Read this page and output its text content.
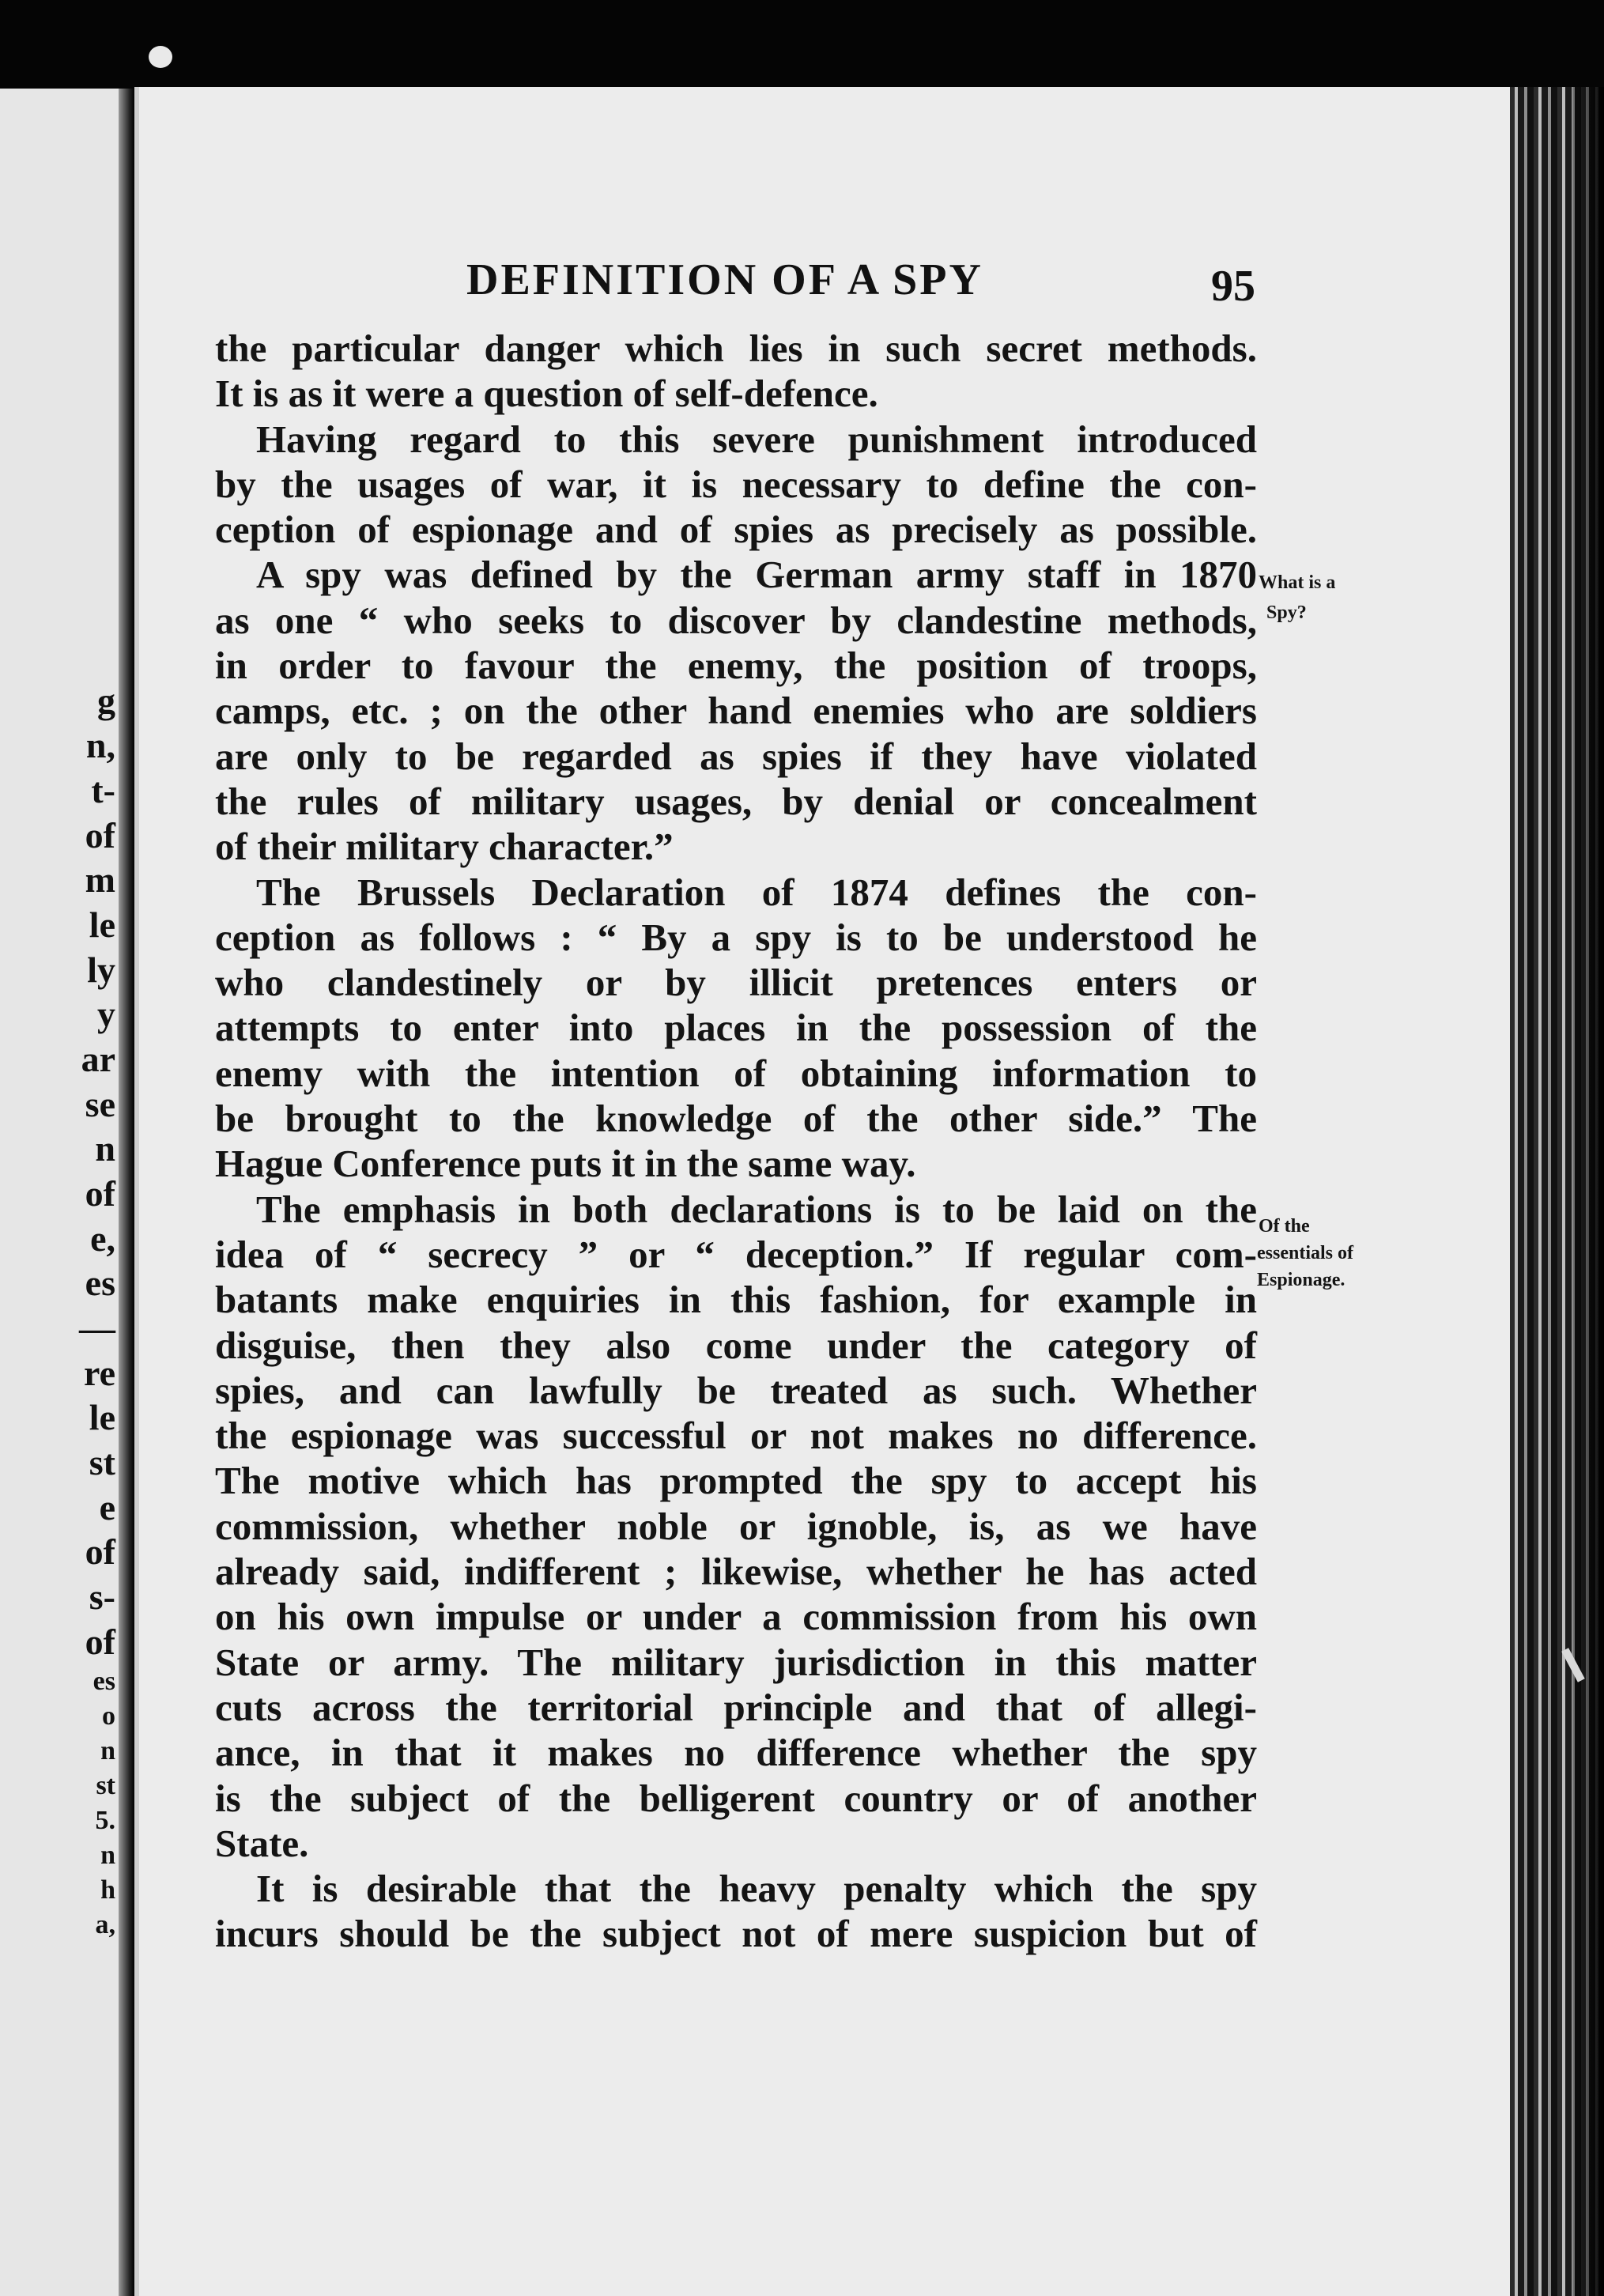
g
n,
t-
of
m
le
ly
y
ar
se
n
of
e,
es
—
re
le
st
e
of
s-
of
es
o
n
st
5.
n
h
a,
DEFINITION OF A SPY	95
What is a
Spy?
Of the
essentials of
Espionage.
the particular danger which lies in such secret methods.
It is as it were a question of self-defence.
Having regard to this severe punishment introduced
by the usages of war, it is necessary to define the con-
ception of espionage and of spies as precisely as possible.
A spy was defined by the German army staff in 1870
as one “ who seeks to discover by clandestine methods,
in order to favour the enemy, the position of troops,
camps, etc. ; on the other hand enemies who are soldiers
are only to be regarded as spies if they have violated
the rules of military usages, by denial or concealment
of their military character.”
The Brussels Declaration of 1874 defines the con-
ception as follows : “ By a spy is to be understood he
who clandestinely or by illicit pretences enters or
attempts to enter into places in the possession of the
enemy with the intention of obtaining information to
be brought to the knowledge of the other side.” The
Hague Conference puts it in the same way.
The emphasis in both declarations is to be laid on the
idea of “ secrecy ” or “ deception.” If regular com-
batants make enquiries in this fashion, for example in
disguise, then they also come under the category of
spies, and can lawfully be treated as such. Whether
the espionage was successful or not makes no difference.
The motive which has prompted the spy to accept his
commission, whether noble or ignoble, is, as we have
already said, indifferent ; likewise, whether he has acted
on his own impulse or under a commission from his own
State or army. The military jurisdiction in this matter
cuts across the territorial principle and that of allegi-
ance, in that it makes no difference whether the spy
is the subject of the belligerent country or of another
State.
It is desirable that the heavy penalty which the spy
incurs should be the subject not of mere suspicion but of
